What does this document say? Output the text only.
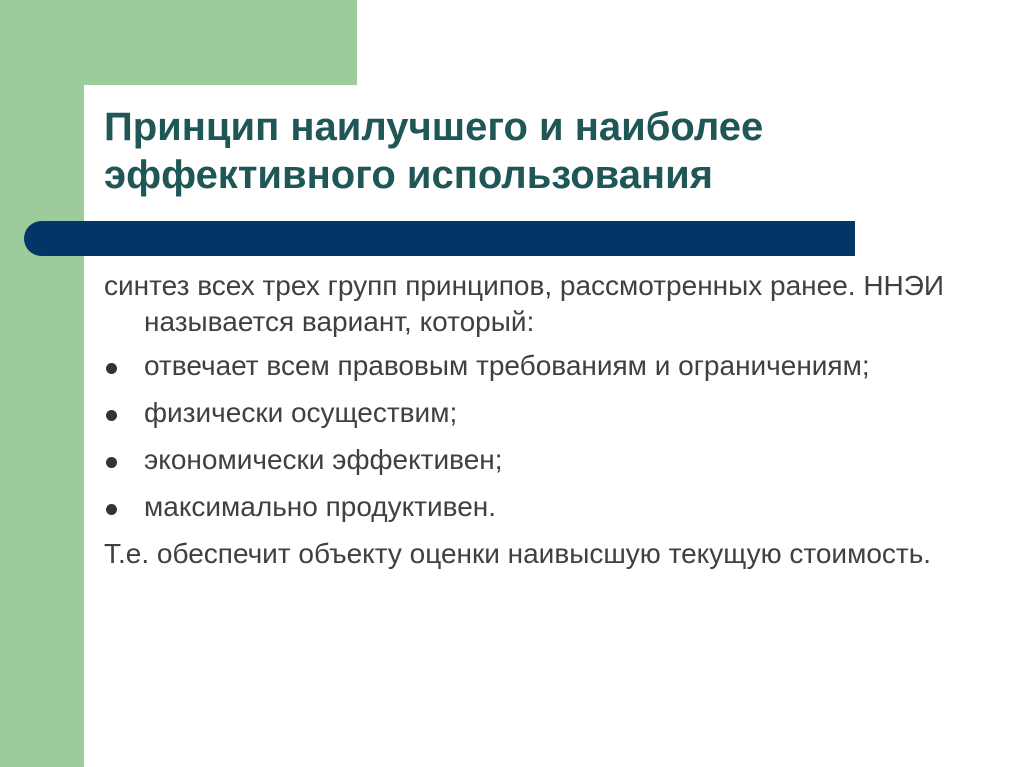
Принцип наилучшего и наиболее эффективного использования

синтез всех трех групп принципов, рассмотренных ранее. ННЭИ называется вариант, который:

отвечает всем правовым требованиям и ограничениям;
физически осуществим;
экономически эффективен;
максимально продуктивен.

Т.е. обеспечит объекту оценки наивысшую текущую стоимость.
